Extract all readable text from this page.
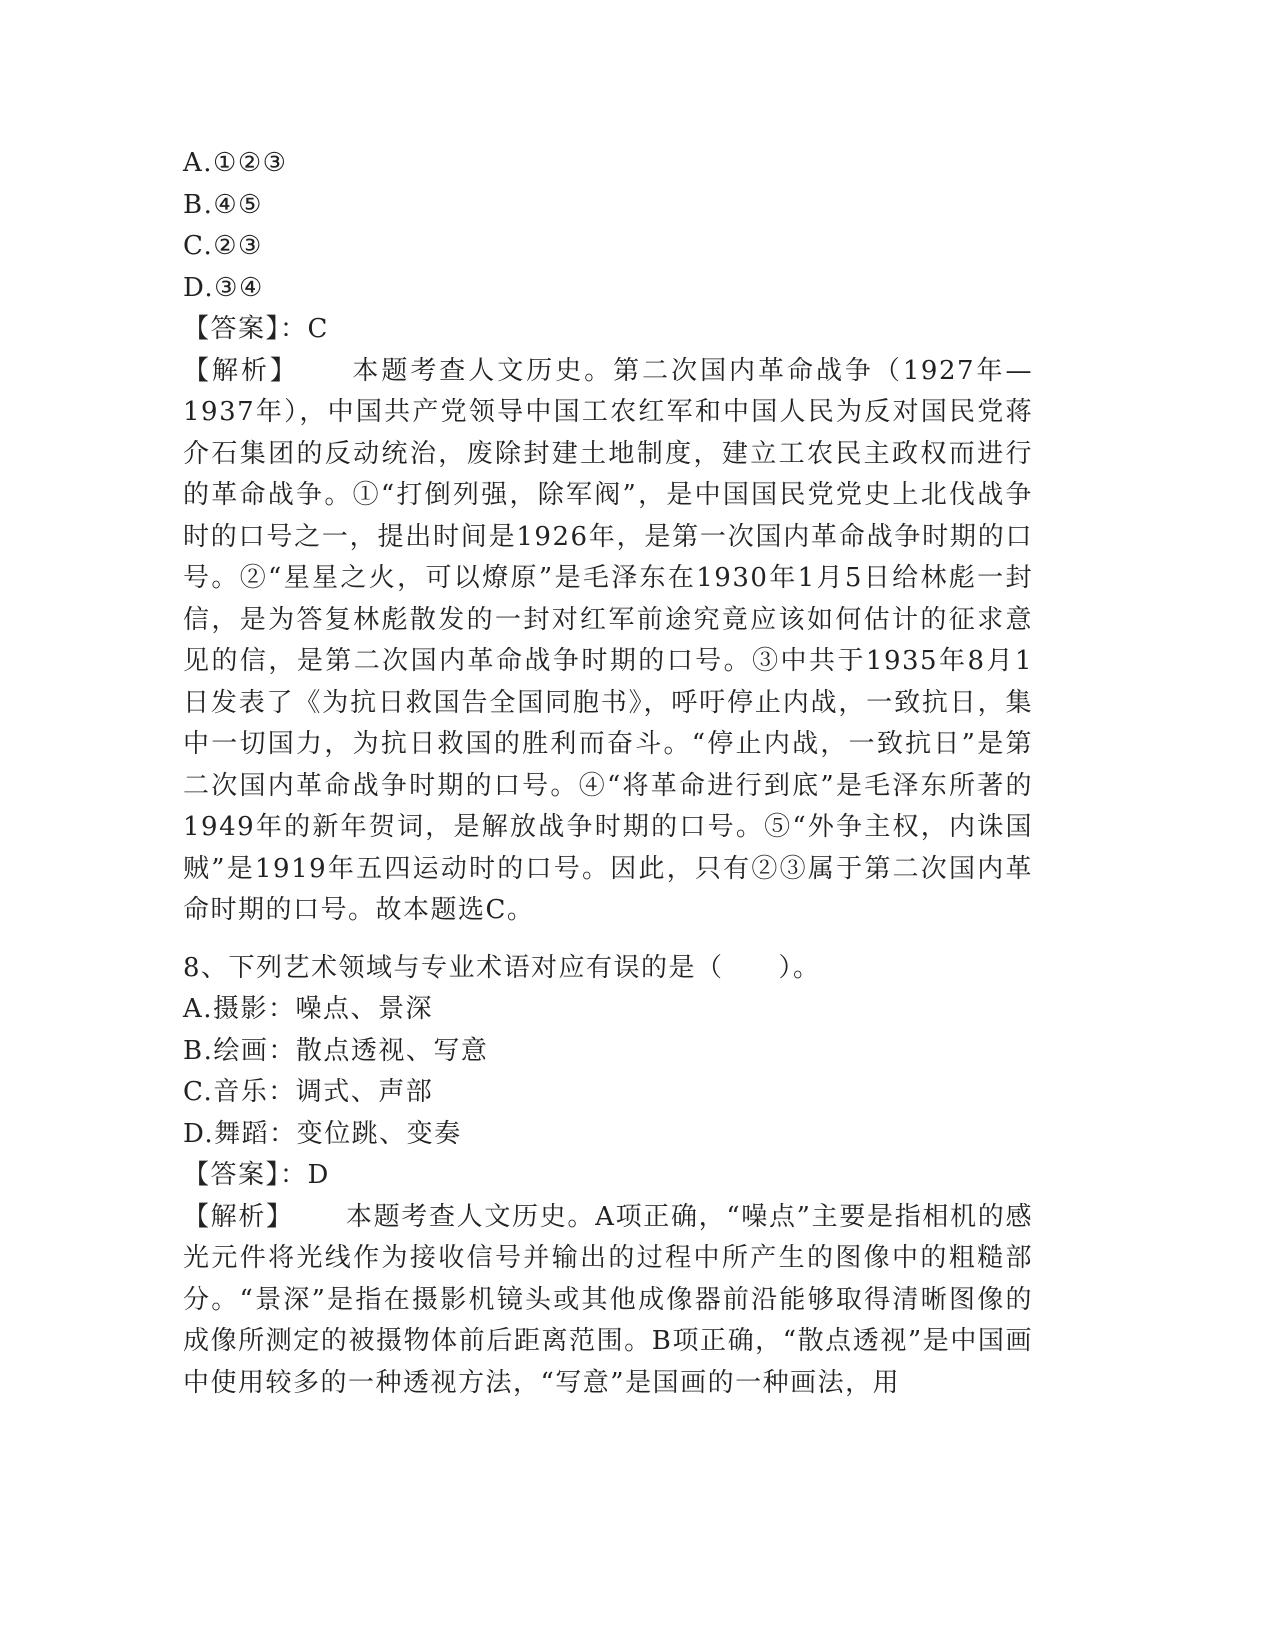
A.①②③
B.④⑤
C.②③
D.③④
【答案】：C
【解析】 本题考查人文历史。第二次国内革命战争（1927年—1937年），中国共产党领导中国工农红军和中国人民为反对国民党蒋介石集团的反动统治，废除封建土地制度，建立工农民主政权而进行的革命战争。①“打倒列强，除军阀”，是中国国民党党史上北伐战争时的口号之一，提出时间是1926年，是第一次国内革命战争时期的口号。②“星星之火，可以燎原”是毛泽东在1930年1月5日给林彪一封信，是为答复林彪散发的一封对红军前途究竟应该如何估计的征求意见的信，是第二次国内革命战争时期的口号。③中共于1935年8月1日发表了《为抗日救国告全国同胞书》，呼吁停止内战，一致抗日，集中一切国力，为抗日救国的胜利而奋斗。“停止内战，一致抗日”是第二次国内革命战争时期的口号。④“将革命进行到底”是毛泽东所著的1949年的新年贺词，是解放战争时期的口号。⑤“外争主权，内诛国贼”是1919年五四运动时的口号。因此，只有②③属于第二次国内革命时期的口号。故本题选C。
8、下列艺术领域与专业术语对应有误的是（　　）。
A.摄影：噪点、景深
B.绘画：散点透视、写意
C.音乐：调式、声部
D.舞蹈：变位跳、变奏
【答案】：D
【解析】 本题考查人文历史。A项正确，“噪点”主要是指相机的感光元件将光线作为接收信号并输出的过程中所产生的图像中的粗糙部分。“景深”是指在摄影机镜头或其他成像器前沿能够取得清晰图像的成像所测定的被摄物体前后距离范围。B项正确，“散点透视”是中国画中使用较多的一种透视方法，“写意”是国画的一种画法，用
